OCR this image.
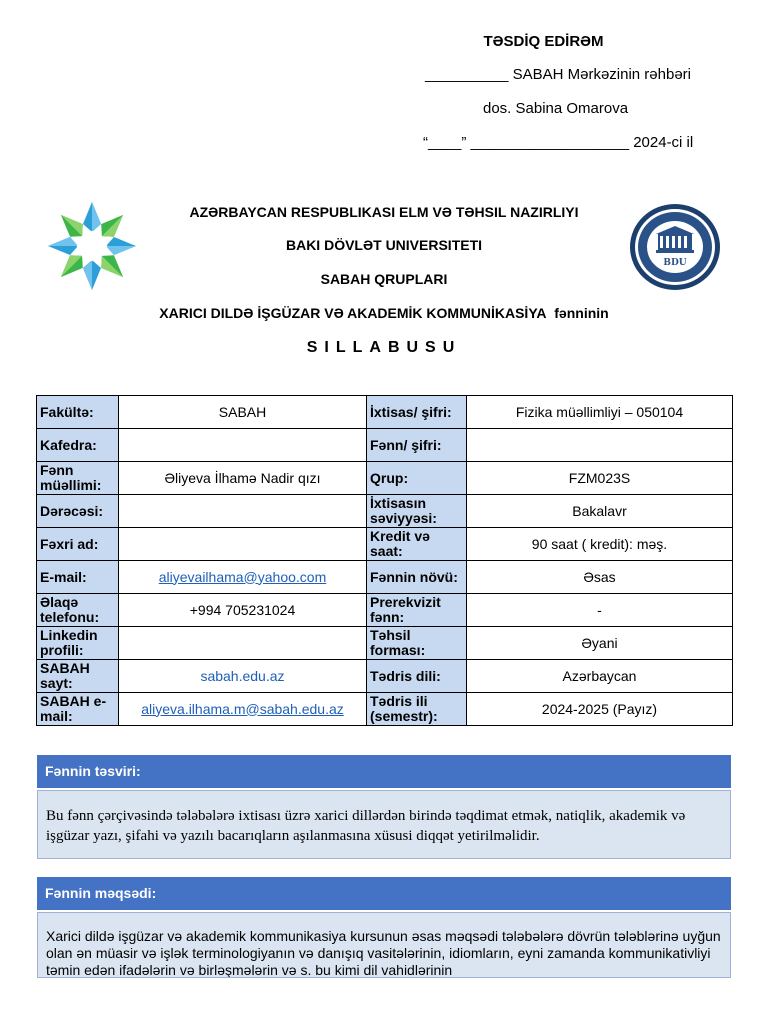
TƏSDİQ EDİRƏM
__________ SABAH Mərkəzinin rəhbəri
dos. Sabina Omarova
“____” ___________________ 2024-ci il
BDU
AZƏRBAYCAN RESPUBLIKASI ELM VƏ TƏHSIL NAZIRLIYI
BAKI DÖVLƏT UNIVERSITETI
SABAH QRUPLARI
XARICI DILDƏ İŞGÜZAR VƏ AKADEMİK KOMMUNİKASİYA fənninin
SILLABUSU
Fakültə:	SABAH	İxtisas/ şifri:	Fizika müəllimliyi – 050104
Kafedra:		Fənn/ şifri:	
Fənn müəllimi:	Əliyeva İlhamə Nadir qızı	Qrup:	FZM023S
Dərəcəsi:		İxtisasın səviyyəsi:	Bakalavr
Fəxri ad:		Kredit və saat:	90 saat ( kredit): məş.
E-mail:	aliyevailhama@yahoo.com	Fənnin növü:	Əsas
Əlaqə telefonu:	+994 705231024	Prerekvizit fənn:	-
Linkedin profili:		Təhsil forması:	Əyani
SABAH sayt:	sabah.edu.az	Tədris dili:	Azərbaycan
SABAH e-mail:	aliyeva.ilhama.m@sabah.edu.az	Tədris ili (semestr):	2024-2025 (Payız)
Fənnin təsviri:
Bu fənn çərçivəsində tələbələrə ixtisası üzrə xarici dillərdən birində təqdimat etmək, natiqlik, akademik və işgüzar yazı, şifahi və yazılı bacarıqların aşılanmasına xüsusi diqqət yetirilməlidir.
Fənnin məqsədi:
Xarici dildə işgüzar və akademik kommunikasiya kursunun əsas məqsədi tələbələrə dövrün tələblərinə uyğun olan ən müasir və işlək terminologiyanın və danışıq vasitələrinin, idiomların, eyni zamanda kommunikativliyi təmin edən ifadələrin və birləşmələrin və s. bu kimi dil vahidlərinin
